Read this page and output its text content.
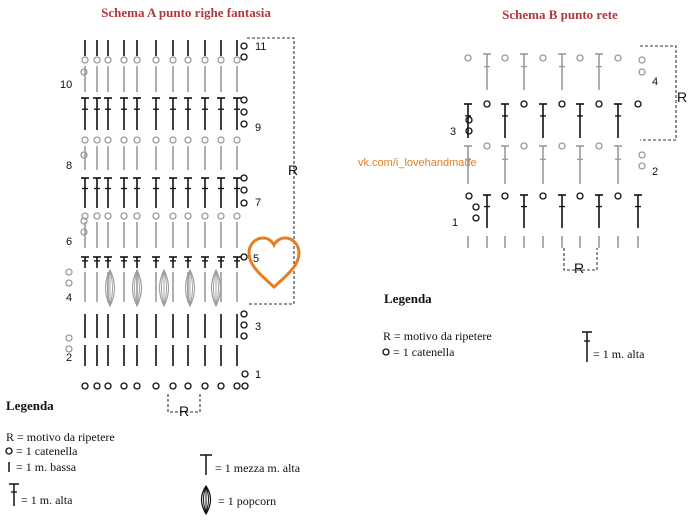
Schema A punto righe fantasia	Schema B punto rete
1
2
3
4
5
6
7
8
9
10
11
1
2
3
4
R
R
vk.com/i_lovehandmade
R
R
Legenda
R = motivo da ripetere
= 1 catenella
= 1 m. bassa
= 1 m. alta
= 1 mezza m. alta
= 1 popcorn
Legenda
R = motivo da ripetere
= 1 catenella	= 1 m. alta
